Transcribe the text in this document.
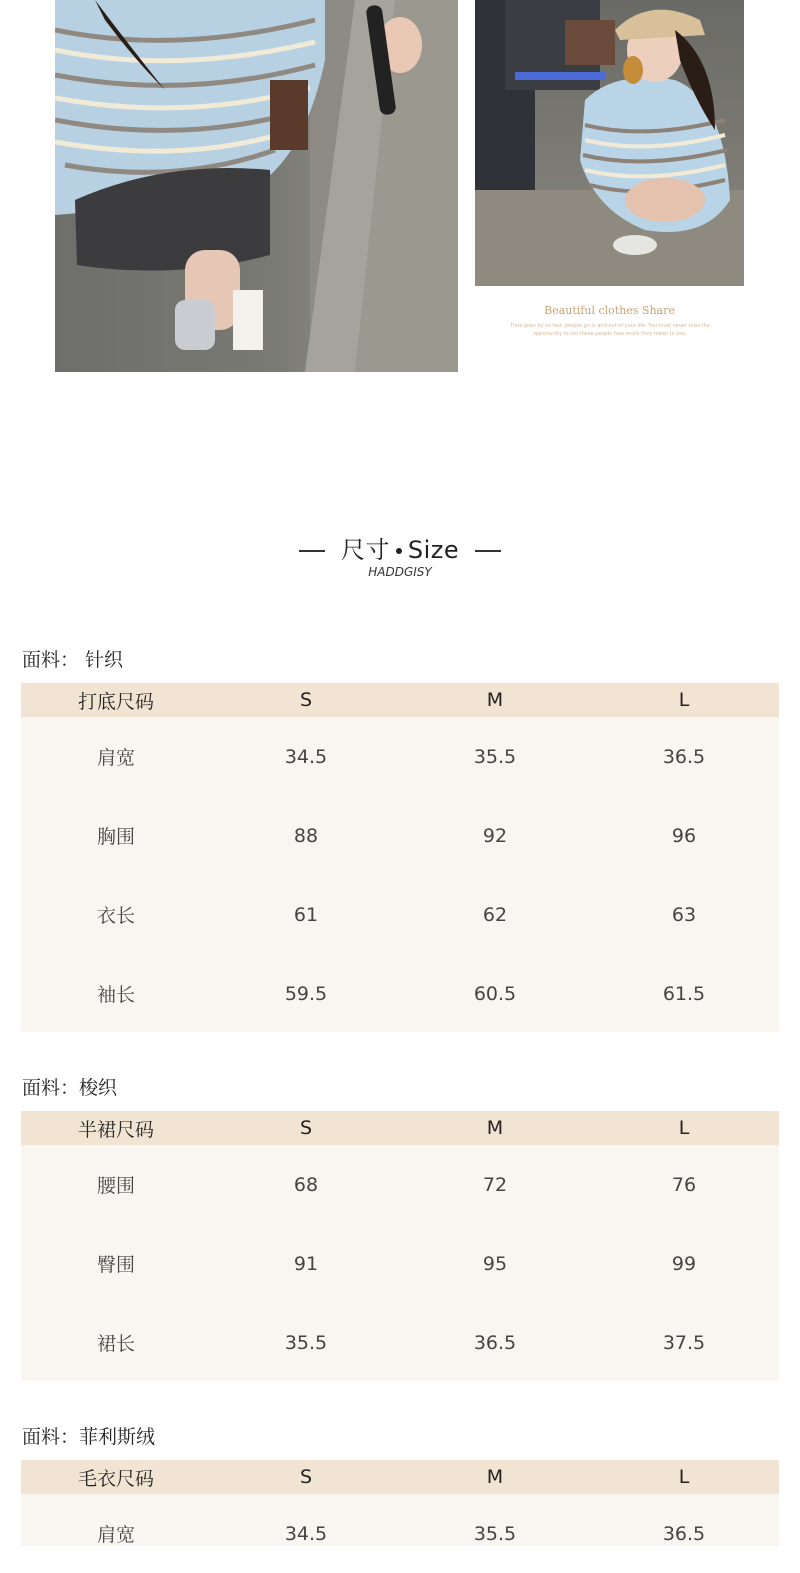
Beautiful clothes Share
Time goes by so fast, people go in and out of your life. You must never miss the opportunity to tell these people how much they mean to you.
尺寸 Size
HADDGISY
面料： 针织
打底尺码	S	M	L
肩宽	34.5	35.5	36.5
胸围	88	92	96
衣长	61	62	63
袖长	59.5	60.5	61.5
面料：梭织
半裙尺码	S	M	L
腰围	68	72	76
臀围	91	95	99
裙长	35.5	36.5	37.5
面料：菲利斯绒
毛衣尺码	S	M	L
肩宽	34.5	35.5	36.5
